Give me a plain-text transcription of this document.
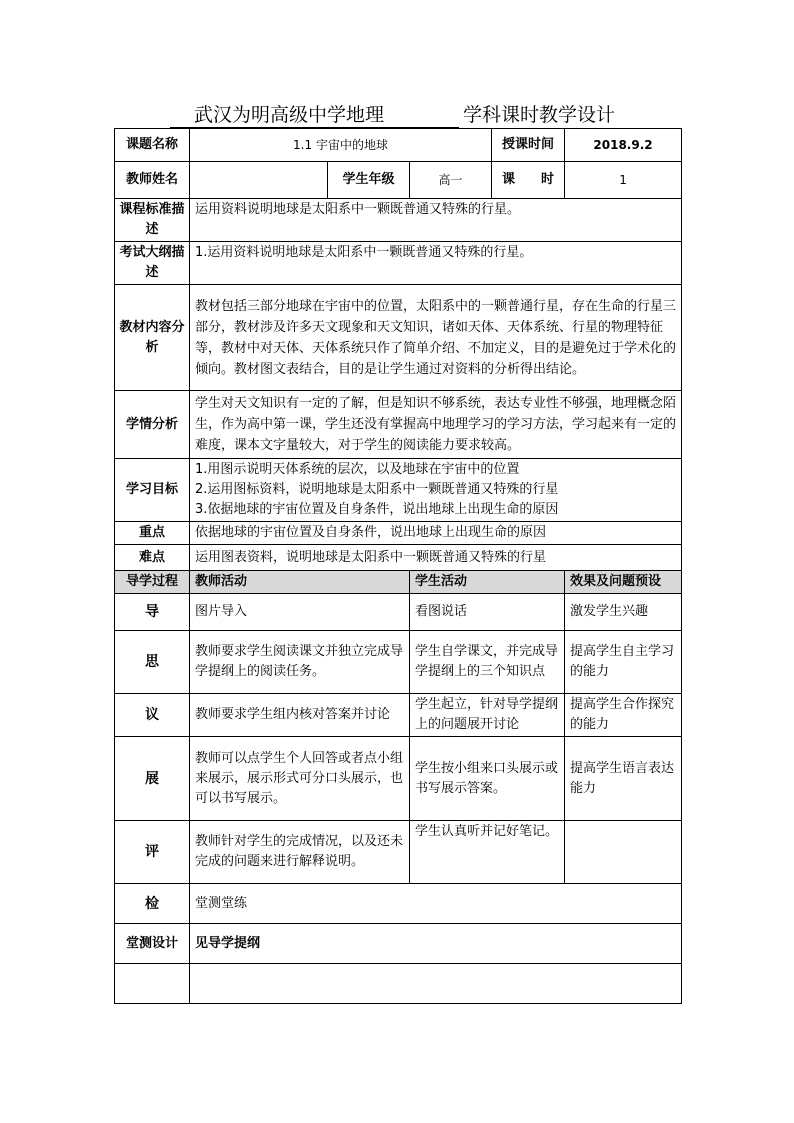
武汉为明高级中学地理	学科课时教学设计
课题名称	1.1 宇宙中的地球			授课时间	2018.9.2
教师姓名		学生年级	高一	课　　时	1
课程标准描述	运用资料说明地球是太阳系中一颗既普通又特殊的行星。				
考试大纲描述	1.运用资料说明地球是太阳系中一颗既普通又特殊的行星。				
教材内容分析	教材包括三部分地球在宇宙中的位置，太阳系中的一颗普通行星，存在生命的行星三部分，教材涉及许多天文现象和天文知识，诸如天体、天体系统、行星的物理特征等，教材中对天体、天体系统只作了简单介绍、不加定义，目的是避免过于学术化的倾向。教材图文表结合，目的是让学生通过对资料的分析得出结论。				
学情分析	学生对天文知识有一定的了解，但是知识不够系统，表达专业性不够强，地理概念陌生，作为高中第一课，学生还没有掌握高中地理学习的学习方法，学习起来有一定的难度，课本文字量较大，对于学生的阅读能力要求较高。				
学习目标	1.用图示说明天体系统的层次，以及地球在宇宙中的位置
2.运用图标资料，说明地球是太阳系中一颗既普通又特殊的行星
3.依据地球的宇宙位置及自身条件，说出地球上出现生命的原因				

重点	依据地球的宇宙位置及自身条件，说出地球上出现生命的原因				
难点	运用图表资料，说明地球是太阳系中一颗既普通又特殊的行星				
导学过程	教师活动		学生活动		效果及问题预设
导	图片导入		看图说话		激发学生兴趣
思	教师要求学生阅读课文并独立完成导学提纲上的阅读任务。		学生自学课文，并完成导学提纲上的三个知识点		提高学生自主学习的能力
议	教师要求学生组内核对答案并讨论		学生起立，针对导学提纲上的问题展开讨论		提高学生合作探究的能力
展	教师可以点学生个人回答或者点小组来展示，展示形式可分口头展示，也可以书写展示。		学生按小组来口头展示或书写展示答案。		提高学生语言表达能力
评	教师针对学生的完成情况，以及还未完成的问题来进行解释说明。		学生认真听并记好笔记。		
检	堂测堂练				
堂测设计	见导学提纲				
